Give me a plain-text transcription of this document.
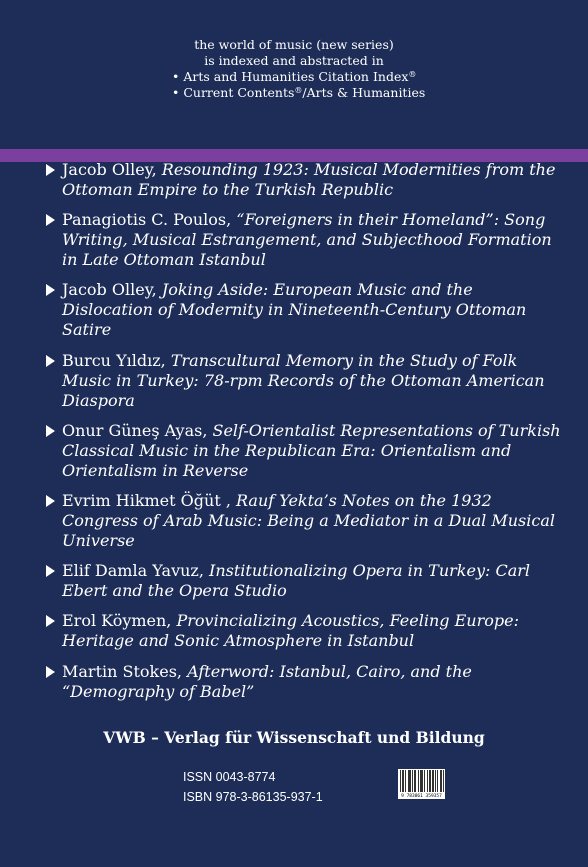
the world of music (new series)
is indexed and abstracted in
• Arts and Humanities Citation Index®
• Current Contents®/Arts & Humanities
Jacob Olley, Resounding 1923: Musical Modernities from the Ottoman Empire to the Turkish Republic
Panagiotis C. Poulos, “Foreigners in their Homeland”: Song Writing, Musical Estrangement, and Subjecthood Formation in Late Ottoman Istanbul
Jacob Olley, Joking Aside: European Music and the Dislocation of Modernity in Nineteenth-Century Ottoman Satire
Burcu Yıldız, Transcultural Memory in the Study of Folk Music in Turkey: 78-rpm Records of the Ottoman American Diaspora
Onur Güneş Ayas, Self-Orientalist Representations of Turkish Classical Music in the Republican Era: Orientalism and Orientalism in Reverse
Evrim Hikmet Öğüt , Rauf Yekta’s Notes on the 1932 Congress of Arab Music: Being a Mediator in a Dual Musical Universe
Elif Damla Yavuz, Institutionalizing Opera in Turkey: Carl Ebert and the Opera Studio
Erol Köymen, Provincializing Acoustics, Feeling Europe: Heritage and Sonic Atmosphere in Istanbul
Martin Stokes, Afterword: Istanbul, Cairo, and the “Demography of Babel”
VWB – Verlag für Wissenschaft und Bildung
ISSN 0043-8774
ISBN 978-3-86135-937-1	9 783861 359357
